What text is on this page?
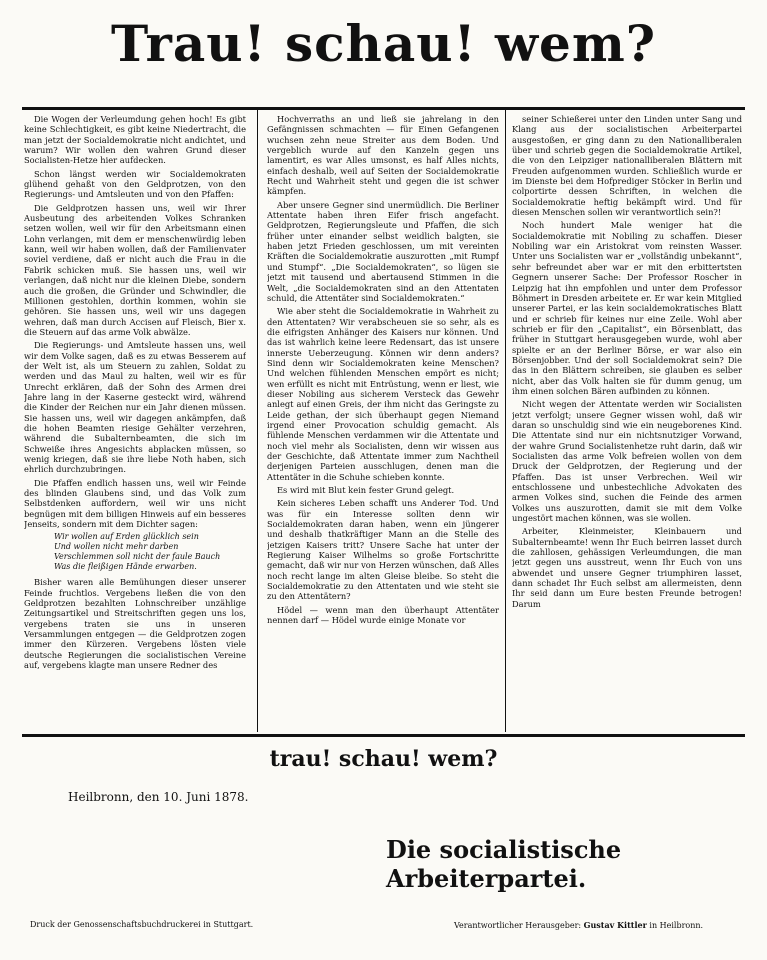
Trau! schau! wem?

Die Wogen der Verleumdung gehen hoch! Es gibt keine Schlechtigkeit, es gibt keine Niedertracht, die man jetzt der Socialdemokratie nicht andichtet, und warum? Wir wollen den wahren Grund dieser Socialisten-Hetze hier aufdecken.

Schon längst werden wir Socialdemokraten glühend gehaßt von den Geldprotzen, von den Regierungs- und Amtsleuten und von den Pfaffen:

Die Geldprotzen hassen uns, weil wir Ihrer Ausbeutung des arbeitenden Volkes Schranken setzen wollen, weil wir für den Arbeitsmann einen Lohn verlangen, mit dem er menschenwürdig leben kann, weil wir haben wollen, daß der Familienvater soviel verdiene, daß er nicht auch die Frau in die Fabrik schicken muß. Sie hassen uns, weil wir verlangen, daß nicht nur die kleinen Diebe, sondern auch die großen, die Gründer und Schwindler, die Millionen gestohlen, dorthin kommen, wohin sie gehören. Sie hassen uns, weil wir uns dagegen wehren, daß man durch Accisen auf Fleisch, Bier x. die Steuern auf das arme Volk abwälze.

Die Regierungs- und Amtsleute hassen uns, weil wir dem Volke sagen, daß es zu etwas Besserem auf der Welt ist, als um Steuern zu zahlen, Soldat zu werden und das Maul zu halten, weil wir es für Unrecht erklären, daß der Sohn des Armen drei Jahre lang in der Kaserne gesteckt wird, während die Kinder der Reichen nur ein Jahr dienen müssen. Sie hassen uns, weil wir dagegen ankämpfen, daß die hohen Beamten riesige Gehälter verzehren, während die Subalternbeamten, die sich im Schweiße ihres Angesichts abplacken müssen, so wenig kriegen, daß sie ihre liebe Noth haben, sich ehrlich durchzubringen.

Die Pfaffen endlich hassen uns, weil wir Feinde des blinden Glaubens sind, und das Volk zum Selbstdenken auffordern, weil wir uns nicht begnügen mit dem billigen Hinweis auf ein besseres Jenseits, sondern mit dem Dichter sagen:

Wir wollen auf Erden glücklich sein
Und wollen nicht mehr darben
Verschlemmen soll nicht der faule Bauch
Was die fleißigen Hände erwarben.

Bisher waren alle Bemühungen dieser unserer Feinde fruchtlos. Vergebens ließen die von den Geldprotzen bezahlten Lohnschreiber unzählige Zeitungsartikel und Streitschriften gegen uns los, vergebens traten sie uns in unseren Versammlungen entgegen — die Geldprotzen zogen immer den Kürzeren. Vergebens lösten viele deutsche Regierungen die socialistischen Vereine auf, vergebens klagte man unsere Redner des

Hochverraths an und ließ sie jahrelang in den Gefängnissen schmachten — für Einen Gefangenen wuchsen zehn neue Streiter aus dem Boden. Und vergeblich wurde auf den Kanzeln gegen uns lamentirt, es war Alles umsonst, es half Alles nichts, einfach deshalb, weil auf Seiten der Socialdemokratie Recht und Wahrheit steht und gegen die ist schwer kämpfen.

Aber unsere Gegner sind unermüdlich. Die Berliner Attentate haben ihren Eifer frisch angefacht. Geldprotzen, Regierungsleute und Pfaffen, die sich früher unter einander selbst weidlich balgten, sie haben jetzt Frieden geschlossen, um mit vereinten Kräften die Socialdemokratie auszurotten „mit Rumpf und Stumpf“. „Die Socialdemokraten“, so lügen sie jetzt mit tausend und abertausend Stimmen in die Welt, „die Socialdemokraten sind an den Attentaten schuld, die Attentäter sind Socialdemokraten.“

Wie aber steht die Socialdemokratie in Wahrheit zu den Attentaten? Wir verabscheuen sie so sehr, als es die eifrigsten Anhänger des Kaisers nur können. Und das ist wahrlich keine leere Redensart, das ist unsere innerste Ueberzeugung. Können wir denn anders? Sind denn wir Socialdemokraten keine Menschen? Und welchen fühlenden Menschen empört es nicht; wen erfüllt es nicht mit Entrüstung, wenn er liest, wie dieser Nobiling aus sicherem Versteck das Gewehr anlegt auf einen Greis, der ihm nicht das Geringste zu Leide gethan, der sich überhaupt gegen Niemand irgend einer Provocation schuldig gemacht. Als fühlende Menschen verdammen wir die Attentate und noch viel mehr als Socialisten, denn wir wissen aus der Geschichte, daß Attentate immer zum Nachtheil derjenigen Parteien ausschlugen, denen man die Attentäter in die Schuhe schieben konnte.

Es wird mit Blut kein fester Grund gelegt.

Kein sicheres Leben schafft uns Anderer Tod. Und was für ein Interesse sollten denn wir Socialdemokraten daran haben, wenn ein jüngerer und deshalb thatkräftiger Mann an die Stelle des jetzigen Kaisers tritt? Unsere Sache hat unter der Regierung Kaiser Wilhelms so große Fortschritte gemacht, daß wir nur von Herzen wünschen, daß Alles noch recht lange im alten Gleise bleibe. So steht die Socialdemokratie zu den Attentaten und wie steht sie zu den Attentätern?

Hödel — wenn man den überhaupt Attentäter nennen darf — Hödel wurde einige Monate vor

seiner Schießerei unter den Linden unter Sang und Klang aus der socialistischen Arbeiterpartei ausgestoßen, er ging dann zu den Nationalliberalen über und schrieb gegen die Socialdemokratie Artikel, die von den Leipziger nationalliberalen Blättern mit Freuden aufgenommen wurden. Schließlich wurde er im Dienste bei dem Hofprediger Stöcker in Berlin und colportirte dessen Schriften, in welchen die Socialdemokratie heftig bekämpft wird. Und für diesen Menschen sollen wir verantwortlich sein?!

Noch hundert Male weniger hat die Socialdemokratie mit Nobiling zu schaffen. Dieser Nobiling war ein Aristokrat vom reinsten Wasser. Unter uns Socialisten war er „vollständig unbekannt“, sehr befreundet aber war er mit den erbittertsten Gegnern unserer Sache: Der Professor Roscher in Leipzig hat ihn empfohlen und unter dem Professor Böhmert in Dresden arbeitete er. Er war kein Mitglied unserer Partei, er las kein socialdemokratisches Blatt und er schrieb für keines nur eine Zeile. Wohl aber schrieb er für den „Capitalist“, ein Börsenblatt, das früher in Stuttgart herausgegeben wurde, wohl aber spielte er an der Berliner Börse, er war also ein Börsenjobber. Und der soll Socialdemokrat sein? Die das in den Blättern schreiben, sie glauben es selber nicht, aber das Volk halten sie für dumm genug, um ihm einen solchen Bären aufbinden zu können.

Nicht wegen der Attentate werden wir Socialisten jetzt verfolgt; unsere Gegner wissen wohl, daß wir daran so unschuldig sind wie ein neugeborenes Kind. Die Attentate sind nur ein nichtsnutziger Vorwand, der wahre Grund Socialistenhetze ruht darin, daß wir Socialisten das arme Volk befreien wollen von dem Druck der Geldprotzen, der Regierung und der Pfaffen. Das ist unser Verbrechen. Weil wir entschlossene und unbestechliche Advokaten des armen Volkes sind, suchen die Feinde des armen Volkes uns auszurotten, damit sie mit dem Volke ungestört machen können, was sie wollen.

Arbeiter, Kleinmeister, Kleinbauern und Subalternbeamte! wenn Ihr Euch beirren lasset durch die zahllosen, gehässigen Verleumdungen, die man jetzt gegen uns ausstreut, wenn Ihr Euch von uns abwendet und unsere Gegner triumphiren lasset, dann schadet Ihr Euch selbst am allermeisten, denn Ihr seid dann um Eure besten Freunde betrogen! Darum

trau! schau! wem?
Heilbronn, den 10. Juni 1878.
Die socialistische Arbeiterpartei.
Druck der Genossenschaftsbuchdruckerei in Stuttgart.	Verantwortlicher Herausgeber: Gustav Kittler in Heilbronn.
